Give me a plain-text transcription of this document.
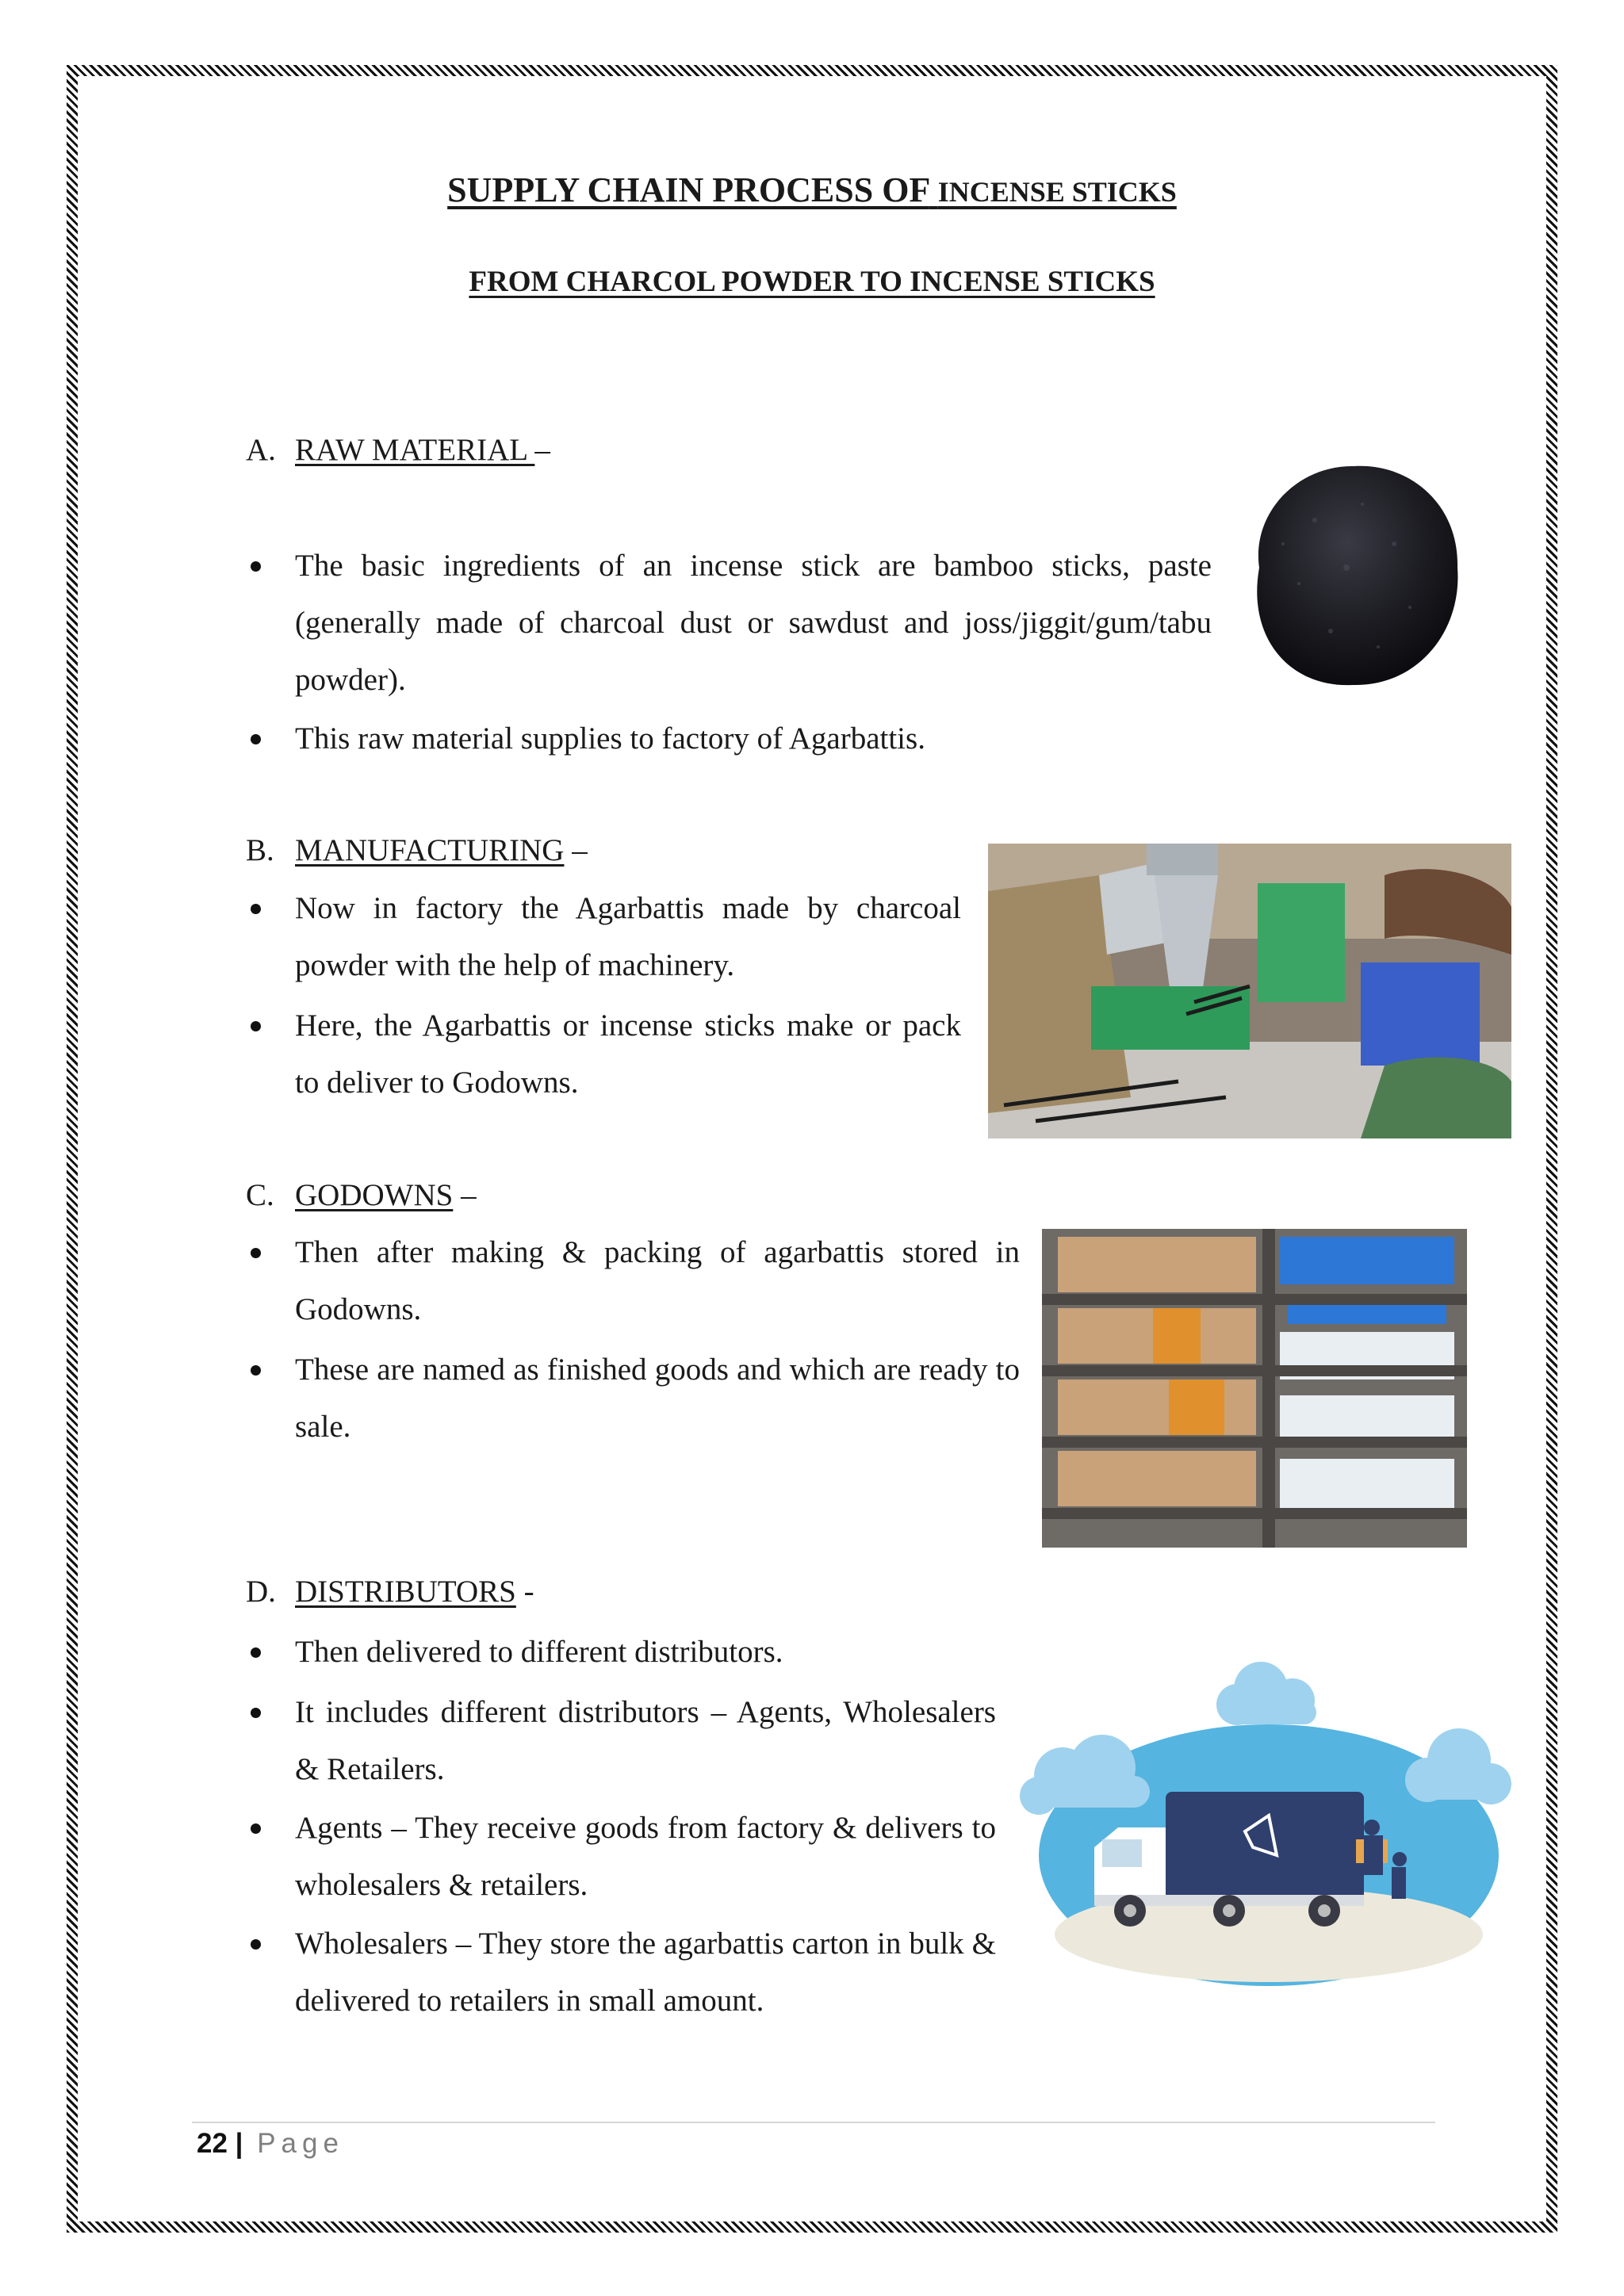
SUPPLY CHAIN PROCESS OF INCENSE STICKS
FROM CHARCOL POWDER TO INCENSE STICKS
A. RAW MATERIAL –
The basic ingredients of an incense stick are bamboo sticks, paste (generally made of charcoal dust or sawdust and joss/jiggit/gum/tabu powder).
This raw material supplies to factory of Agarbattis.
B. MANUFACTURING –
Now in factory the Agarbattis made by charcoal powder with the help of machinery.
Here, the Agarbattis or incense sticks make or pack to deliver to Godowns.
C. GODOWNS –
Then after making & packing of agarbattis stored in Godowns.
These are named as finished goods and which are ready to sale.
D. DISTRIBUTORS -
Then delivered to different distributors.
It includes different distributors – Agents, Wholesalers & Retailers.
Agents – They receive goods from factory & delivers to wholesalers & retailers.
Wholesalers – They store the agarbattis carton in bulk & delivered to retailers in small amount.
22 | Page
